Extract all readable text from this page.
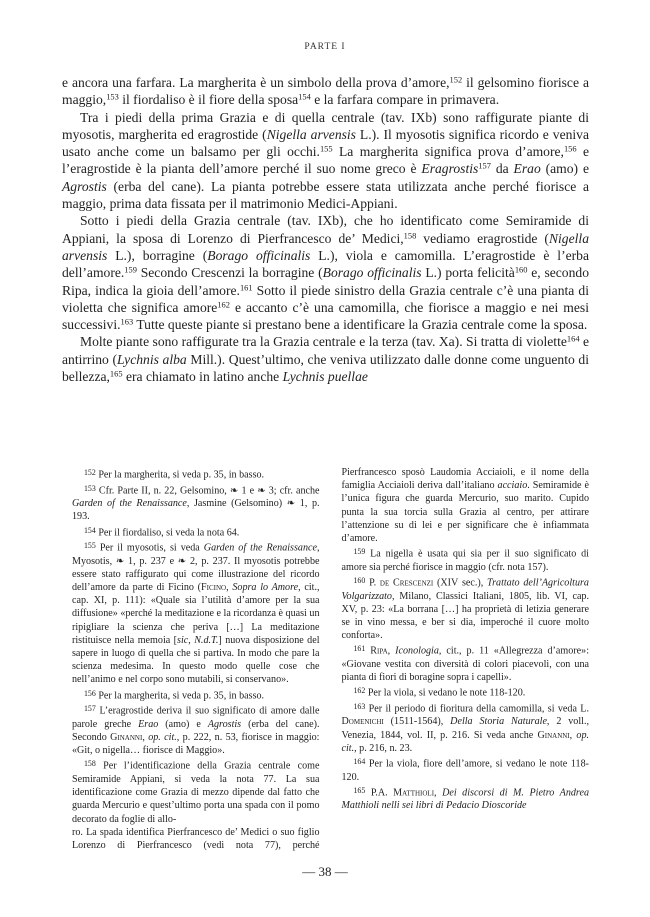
PARTE I

e ancora una farfara. La margherita è un simbolo della prova d’amore,$^{152}$ il gelsomino fiorisce a maggio,$^{153}$ il fiordaliso è il fiore della sposa$^{154}$ e la farfara compare in primavera.

Tra i piedi della prima Grazia e di quella centrale (tav. IXb) sono raffigurate piante di myosotis, margherita ed eragrostide (Nigella arvensis L.). Il myosotis significa ricordo e veniva usato anche come un balsamo per gli occhi.$^{155}$ La margherita significa prova d’amore,$^{156}$ e l’eragrostide è la pianta dell’amore perché il suo nome greco è Eragrostis$^{157}$ da Erao (amo) e Agrostis (erba del cane). La pianta potrebbe essere stata utilizzata anche perché fiorisce a maggio, prima data fissata per il matrimonio Medici-Appiani.

Sotto i piedi della Grazia centrale (tav. IXb), che ho identificato come Semiramide di Appiani, la sposa di Lorenzo di Pierfrancesco de’ Medici,$^{158}$ vediamo eragrostide (Nigella arvensis L.), borragine (Borago officinalis L.), viola e camomilla. L’eragrostide è l’erba dell’amore.$^{159}$ Secondo Crescenzi la borragine (Borago officinalis L.) porta felicità$^{160}$ e, secondo Ripa, indica la gioia dell’amore.$^{161}$ Sotto il piede sinistro della Grazia centrale c’è una pianta di violetta che significa amore$^{162}$ e accanto c’è una camomilla, che fiorisce a maggio e nei mesi successivi.$^{163}$ Tutte queste piante si prestano bene a identificare la Grazia centrale come la sposa.

Molte piante sono raffigurate tra la Grazia centrale e la terza (tav. Xa). Si tratta di violette$^{164}$ e antirrino (Lychnis alba Mill.). Quest’ultimo, che veniva utilizzato dalle donne come unguento di bellezza,$^{165}$ era chiamato in latino anche Lychnis puellae

$^{152}$ Per la margherita, si veda p. 35, in basso.

$^{153}$ Cfr. Parte II, n. 22, Gelsomino, ❧ 1 e ❧ 3; cfr. anche Garden of the Renaissance, Jasmine (Gelsomino) ❧ 1, p. 193.

$^{154}$ Per il fiordaliso, si veda la nota 64.

$^{155}$ Per il myosotis, si veda Garden of the Renaissance, Myosotis, ❧ 1, p. 237 e ❧ 2, p. 237. Il myosotis potrebbe essere stato raffigurato qui come illustrazione del ricordo dell’amore da parte di Ficino (Ficino, Sopra lo Amore, cit., cap. XI, p. 111): «Quale sia l’utilità d’amore per la sua diffusione» «perché la meditazione e la ricordanza è quasi un ripigliare la scienza che periva […] La meditazione ristituisce nella memoia [sic, N.d.T.] nuova disposizione del sapere in luogo di quella che si partiva. In modo che pare la scienza medesima. In questo modo quelle cose che nell’animo e nel corpo sono mutabili, si conservano».

$^{156}$ Per la margherita, si veda p. 35, in basso.

$^{157}$ L’eragrostide deriva il suo significato di amore dalle parole greche Erao (amo) e Agrostis (erba del cane). Secondo Ginanni, op. cit., p. 222, n. 53, fiorisce in maggio: «Git, o nigella… fiorisce di Maggio».

$^{158}$ Per l’identificazione della Grazia centrale come Semiramide Appiani, si veda la nota 77. La sua identificazione come Grazia di mezzo dipende dal fatto che guarda Mercurio e quest’ultimo porta una spada con il pomo decorato da foglie di allo-

ro. La spada identifica Pierfrancesco de’ Medici o suo figlio Lorenzo di Pierfrancesco (vedi nota 77), perché Pierfrancesco sposò Laudomia Acciaioli, e il nome della famiglia Acciaioli deriva dall’italiano acciaio. Semiramide è l’unica figura che guarda Mercurio, suo marito. Cupido punta la sua torcia sulla Grazia al centro, per attirare l’attenzione su di lei e per significare che è infiammata d’amore.

$^{159}$ La nigella è usata qui sia per il suo significato di amore sia perché fiorisce in maggio (cfr. nota 157).

$^{160}$ P. de Crescenzi (XIV sec.), Trattato dell’Agricoltura Volgarizzato, Milano, Classici Italiani, 1805, lib. VI, cap. XV, p. 23: «La borrana […] ha proprietà di letizia generare se in vino messa, e ber si dia, imperoché il cuore molto conforta».

$^{161}$ Ripa, Iconologia, cit., p. 11 «Allegrezza d’amore»: «Giovane vestita con diversità di colori piacevoli, con una pianta di fiori di boragine sopra i capelli».

$^{162}$ Per la viola, si vedano le note 118-120.

$^{163}$ Per il periodo di fioritura della camomilla, si veda L. Domenichi (1511-1564), Della Storia Naturale, 2 voll., Venezia, 1844, vol. II, p. 216. Si veda anche Ginanni, op. cit., p. 216, n. 23.

$^{164}$ Per la viola, fiore dell’amore, si vedano le note 118-120.

$^{165}$ P.A. Matthioli, Dei discorsi di M. Pietro Andrea Matthioli nelli sei libri di Pedacio Dioscoride

— 38 —
